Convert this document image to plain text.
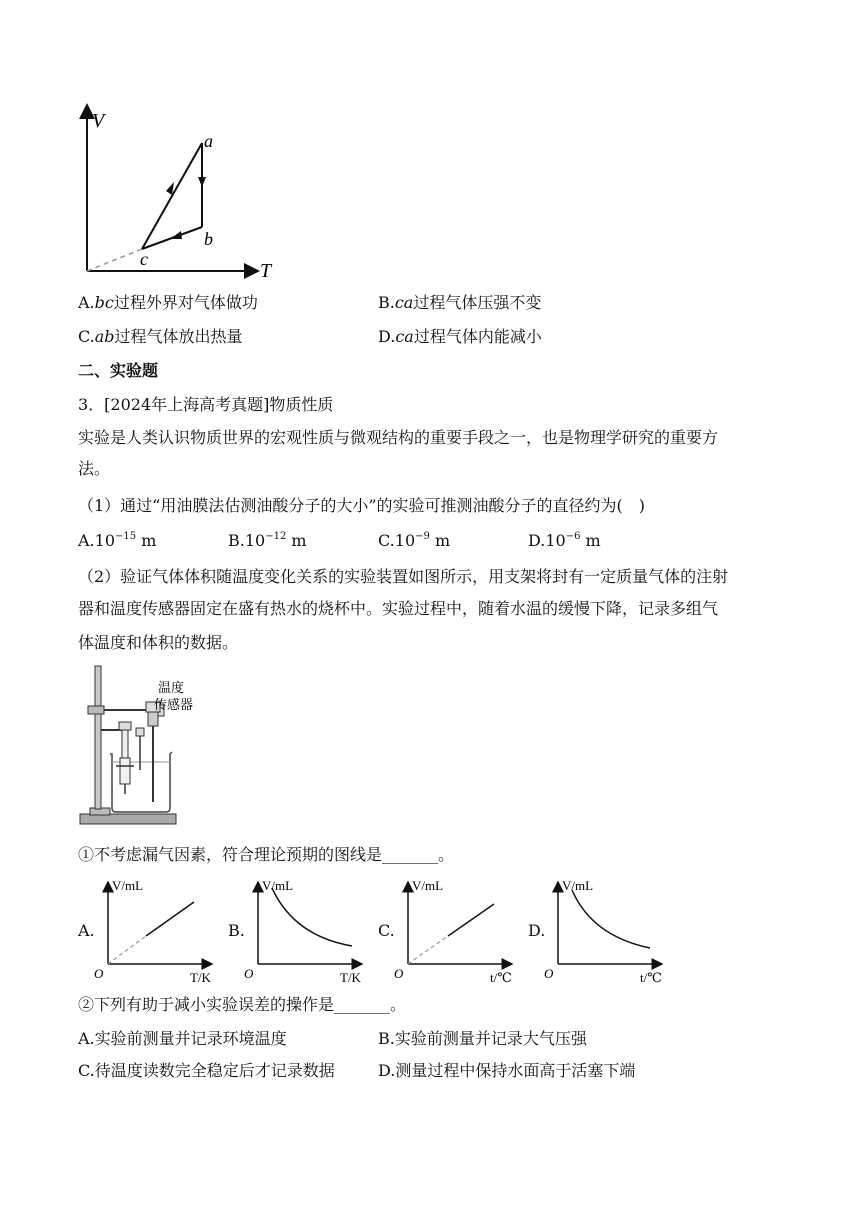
V
T
a
b
c
A.bc过程外界对气体做功	B.ca过程气体压强不变
C.ab过程气体放出热量	D.ca过程气体内能减小
二、实验题
3．[2024年上海高考真题]物质性质
实验是人类认识物质世界的宏观性质与微观结构的重要手段之一，也是物理学研究的重要方
法。
（1）通过“用油膜法估测油酸分子的大小”的实验可推测油酸分子的直径约为(　)
$A.10^{-15}$ m	$B.10^{-12}$ m	$C.10^{-9}$ m	$D.10^{-6}$ m
（2）验证气体体积随温度变化关系的实验装置如图所示，用支架将封有一定质量气体的注射
器和温度传感器固定在盛有热水的烧杯中。实验过程中，随着水温的缓慢下降，记录多组气
体温度和体积的数据。
温度
传感器
①不考虑漏气因素，符合理论预期的图线是_______。
A.
V/mL
O	T/K
B.
V/mL
O	T/K
C.
V/mL
O	t/℃
D.
V/mL
O	t/℃
②下列有助于减小实验误差的操作是_______。
A.实验前测量并记录环境温度	B.实验前测量并记录大气压强
C.待温度读数完全稳定后才记录数据	D.测量过程中保持水面高于活塞下端
